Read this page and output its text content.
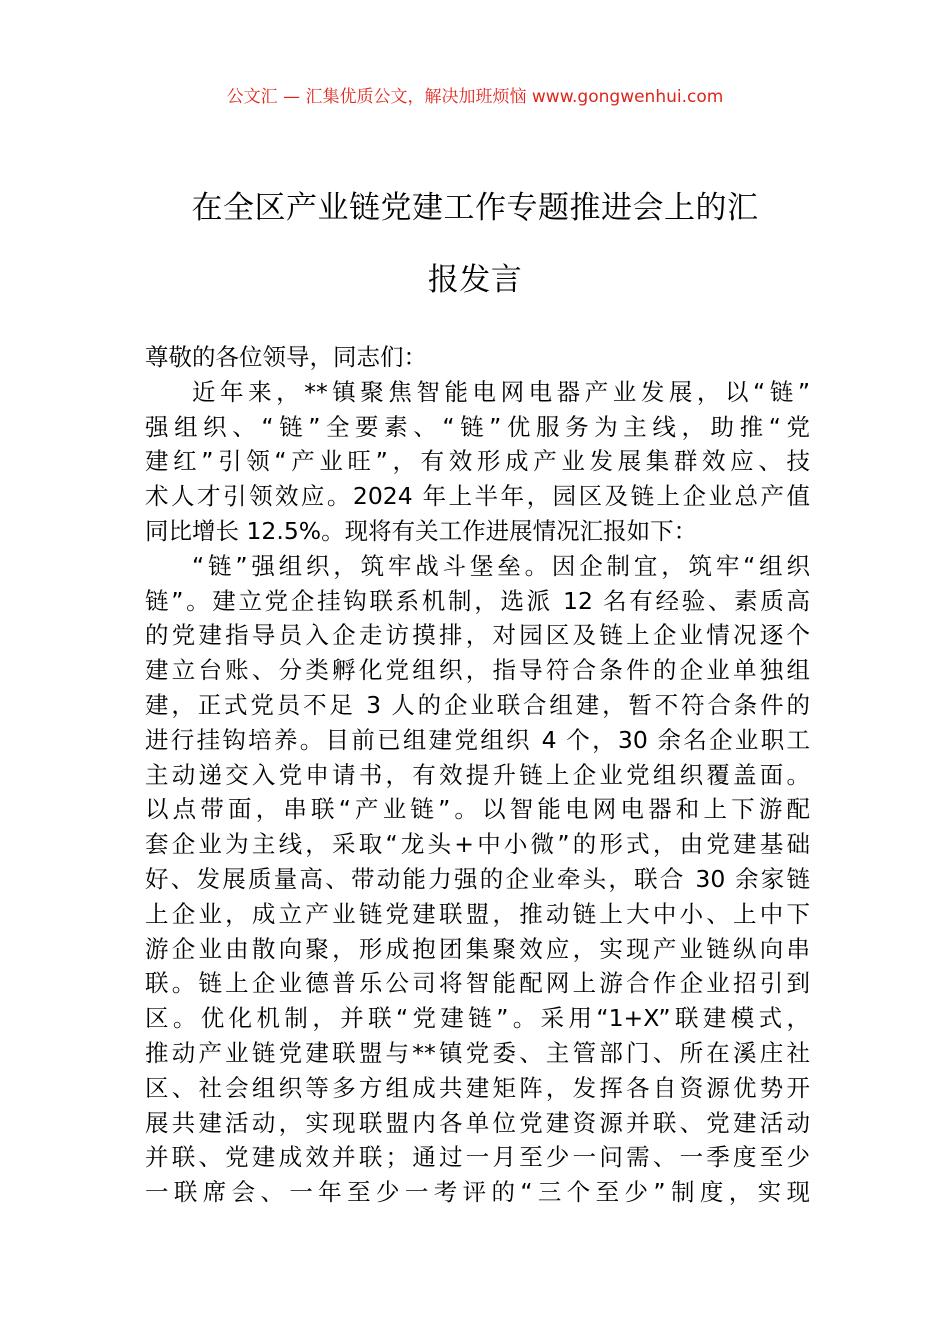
公文汇 — 汇集优质公文，解决加班烦恼 www.gongwenhui.com
在全区产业链党建工作专题推进会上的汇
报发言
尊敬的各位领导，同志们：
近年来，**镇聚焦智能电网电器产业发展，以“链”
强组织、“链”全要素、“链”优服务为主线，助推“党
建红”引领“产业旺”，有效形成产业发展集群效应、技
术人才引领效应。2024 年上半年，园区及链上企业总产值
同比增长 12.5%。现将有关工作进展情况汇报如下：
“链”强组织，筑牢战斗堡垒。因企制宜，筑牢“组织
链”。建立党企挂钩联系机制，选派 12 名有经验、素质高
的党建指导员入企走访摸排，对园区及链上企业情况逐个
建立台账、分类孵化党组织，指导符合条件的企业单独组
建，正式党员不足 3 人的企业联合组建，暂不符合条件的
进行挂钩培养。目前已组建党组织 4 个，30 余名企业职工
主动递交入党申请书，有效提升链上企业党组织覆盖面。
以点带面，串联“产业链”。以智能电网电器和上下游配
套企业为主线，采取“龙头+中小微”的形式，由党建基础
好、发展质量高、带动能力强的企业牵头，联合 30 余家链
上企业，成立产业链党建联盟，推动链上大中小、上中下
游企业由散向聚，形成抱团集聚效应，实现产业链纵向串
联。链上企业德普乐公司将智能配网上游合作企业招引到
区。优化机制，并联“党建链”。采用“1+X”联建模式，
推动产业链党建联盟与**镇党委、主管部门、所在溪庄社
区、社会组织等多方组成共建矩阵，发挥各自资源优势开
展共建活动，实现联盟内各单位党建资源并联、党建活动
并联、党建成效并联；通过一月至少一问需、一季度至少
一联席会、一年至少一考评的“三个至少”制度，实现
